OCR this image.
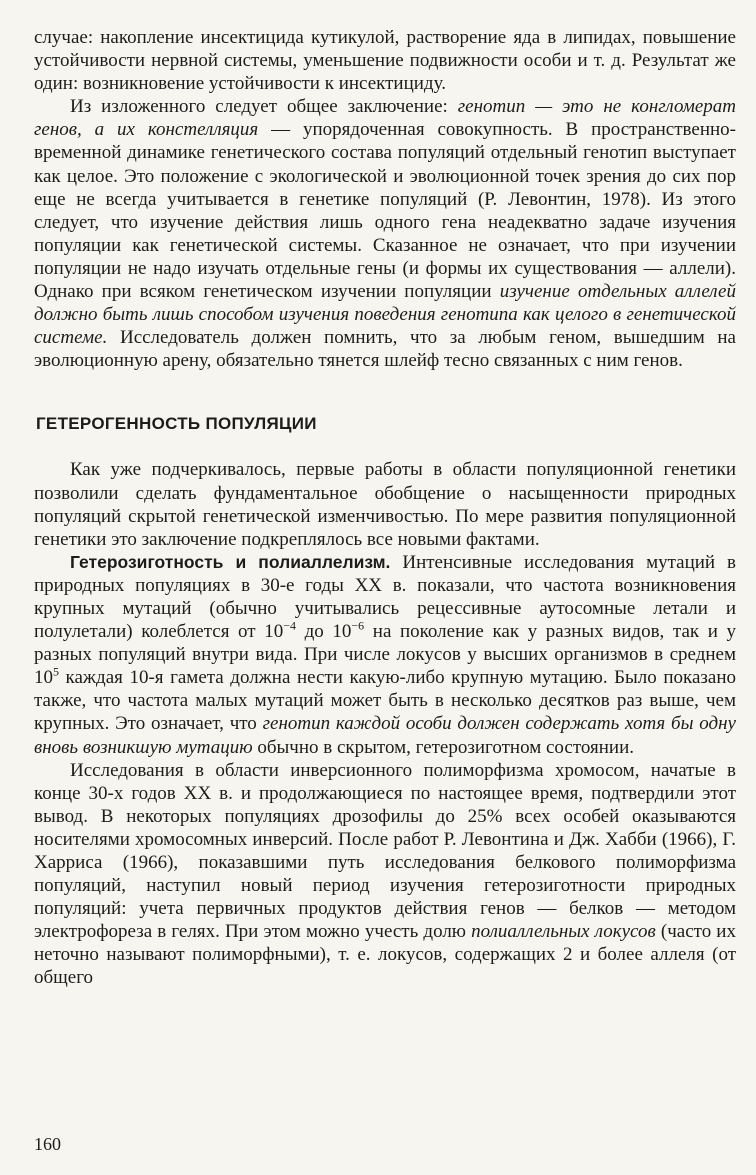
случае: накопление инсектицида кутикулой, растворение яда в липидах, повышение устойчивости нервной системы, уменьшение подвижности особи и т. д. Результат же один: возникновение устойчивости к инсектициду.

Из изложенного следует общее заключение: генотип — это не конгломерат генов, а их констелляция — упорядоченная совокупность. В пространственно-временной динамике генетического состава популяций отдельный генотип выступает как целое. Это положение с экологической и эволюционной точек зрения до сих пор еще не всегда учитывается в генетике популяций (Р. Левонтин, 1978). Из этого следует, что изучение действия лишь одного гена неадекватно задаче изучения популяции как генетической системы. Сказанное не означает, что при изучении популяции не надо изучать отдельные гены (и формы их существования — аллели). Однако при всяком генетическом изучении популяции изучение отдельных аллелей должно быть лишь способом изучения поведения генотипа как целого в генетической системе. Исследователь должен помнить, что за любым геном, вышедшим на эволюционную арену, обязательно тянется шлейф тесно связанных с ним генов.

ГЕТЕРОГЕННОСТЬ ПОПУЛЯЦИИ

Как уже подчеркивалось, первые работы в области популяционной генетики позволили сделать фундаментальное обобщение о насыщенности природных популяций скрытой генетической изменчивостью. По мере развития популяционной генетики это заключение подкреплялось все новыми фактами.

Гетерозиготность и полиаллелизм. Интенсивные исследования мутаций в природных популяциях в 30-е годы XX в. показали, что частота возникновения крупных мутаций (обычно учитывались рецессивные аутосомные летали и полулетали) колеблется от $10^{-4}$ до $10^{-6}$ на поколение как у разных видов, так и у разных популяций внутри вида. При числе локусов у высших организмов в среднем $10^5$ каждая 10-я гамета должна нести какую-либо крупную мутацию. Было показано также, что частота малых мутаций может быть в несколько десятков раз выше, чем крупных. Это означает, что генотип каждой особи должен содержать хотя бы одну вновь возникшую мутацию обычно в скрытом, гетерозиготном состоянии.

Исследования в области инверсионного полиморфизма хромосом, начатые в конце 30-х годов XX в. и продолжающиеся по настоящее время, подтвердили этот вывод. В некоторых популяциях дрозофилы до 25% всех особей оказываются носителями хромосомных инверсий. После работ Р. Левонтина и Дж. Хабби (1966), Г. Харриса (1966), показавшими путь исследования белкового полиморфизма популяций, наступил новый период изучения гетерозиготности природных популяций: учета первичных продуктов действия генов — белков — методом электрофореза в гелях. При этом можно учесть долю полиаллельных локусов (часто их неточно называют полиморфными), т. е. локусов, содержащих 2 и более аллеля (от общего

160
